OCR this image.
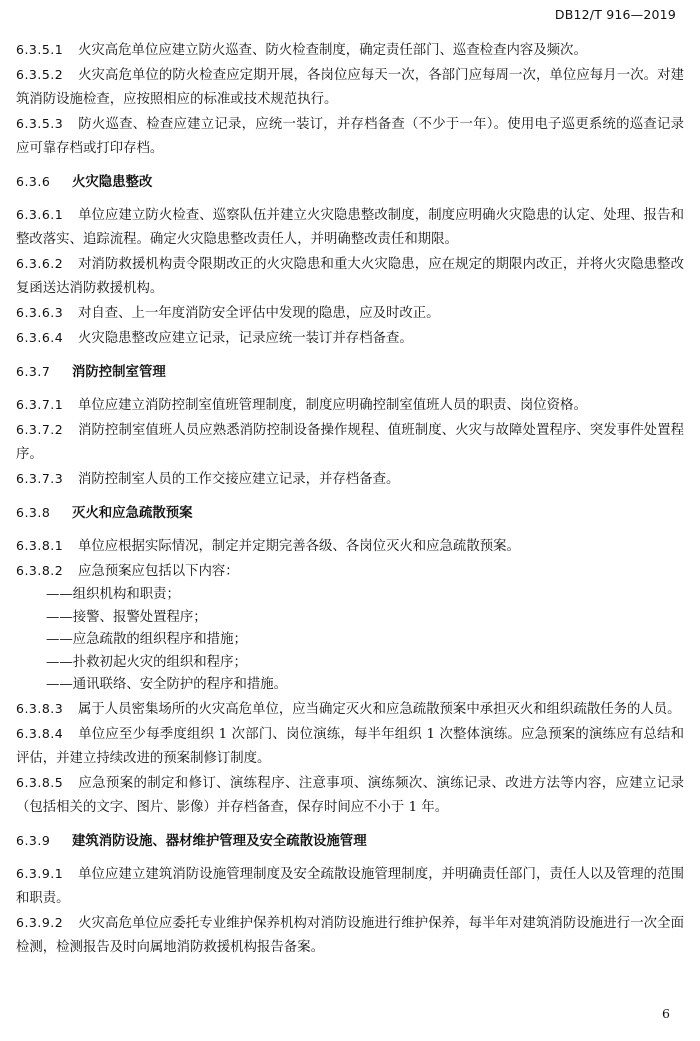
DB12/T 916—2019

6.3.5.1 火灾高危单位应建立防火巡查、防火检查制度，确定责任部门、巡查检查内容及频次。

6.3.5.2 火灾高危单位的防火检查应定期开展，各岗位应每天一次，各部门应每周一次，单位应每月一次。对建筑消防设施检查，应按照相应的标准或技术规范执行。

6.3.5.3 防火巡查、检查应建立记录，应统一装订，并存档备查（不少于一年）。使用电子巡更系统的巡查记录应可靠存档或打印存档。

6.3.6 火灾隐患整改

6.3.6.1 单位应建立防火检查、巡察队伍并建立火灾隐患整改制度，制度应明确火灾隐患的认定、处理、报告和整改落实、追踪流程。确定火灾隐患整改责任人，并明确整改责任和期限。

6.3.6.2 对消防救援机构责令限期改正的火灾隐患和重大火灾隐患，应在规定的期限内改正，并将火灾隐患整改复函送达消防救援机构。

6.3.6.3 对自查、上一年度消防安全评估中发现的隐患，应及时改正。

6.3.6.4 火灾隐患整改应建立记录，记录应统一装订并存档备查。

6.3.7 消防控制室管理

6.3.7.1 单位应建立消防控制室值班管理制度，制度应明确控制室值班人员的职责、岗位资格。

6.3.7.2 消防控制室值班人员应熟悉消防控制设备操作规程、值班制度、火灾与故障处置程序、突发事件处置程序。

6.3.7.3 消防控制室人员的工作交接应建立记录，并存档备查。

6.3.8 灭火和应急疏散预案

6.3.8.1 单位应根据实际情况，制定并定期完善各级、各岗位灭火和应急疏散预案。

6.3.8.2 应急预案应包括以下内容：

——组织机构和职责；
——接警、报警处置程序；
——应急疏散的组织程序和措施；
——扑救初起火灾的组织和程序；
——通讯联络、安全防护的程序和措施。

6.3.8.3 属于人员密集场所的火灾高危单位，应当确定灭火和应急疏散预案中承担灭火和组织疏散任务的人员。

6.3.8.4 单位应至少每季度组织 1 次部门、岗位演练，每半年组织 1 次整体演练。应急预案的演练应有总结和评估，并建立持续改进的预案制修订制度。

6.3.8.5 应急预案的制定和修订、演练程序、注意事项、演练频次、演练记录、改进方法等内容，应建立记录（包括相关的文字、图片、影像）并存档备查，保存时间应不小于 1 年。

6.3.9 建筑消防设施、器材维护管理及安全疏散设施管理

6.3.9.1 单位应建立建筑消防设施管理制度及安全疏散设施管理制度，并明确责任部门，责任人以及管理的范围和职责。

6.3.9.2 火灾高危单位应委托专业维护保养机构对消防设施进行维护保养，每半年对建筑消防设施进行一次全面检测，检测报告及时向属地消防救援机构报告备案。

6
